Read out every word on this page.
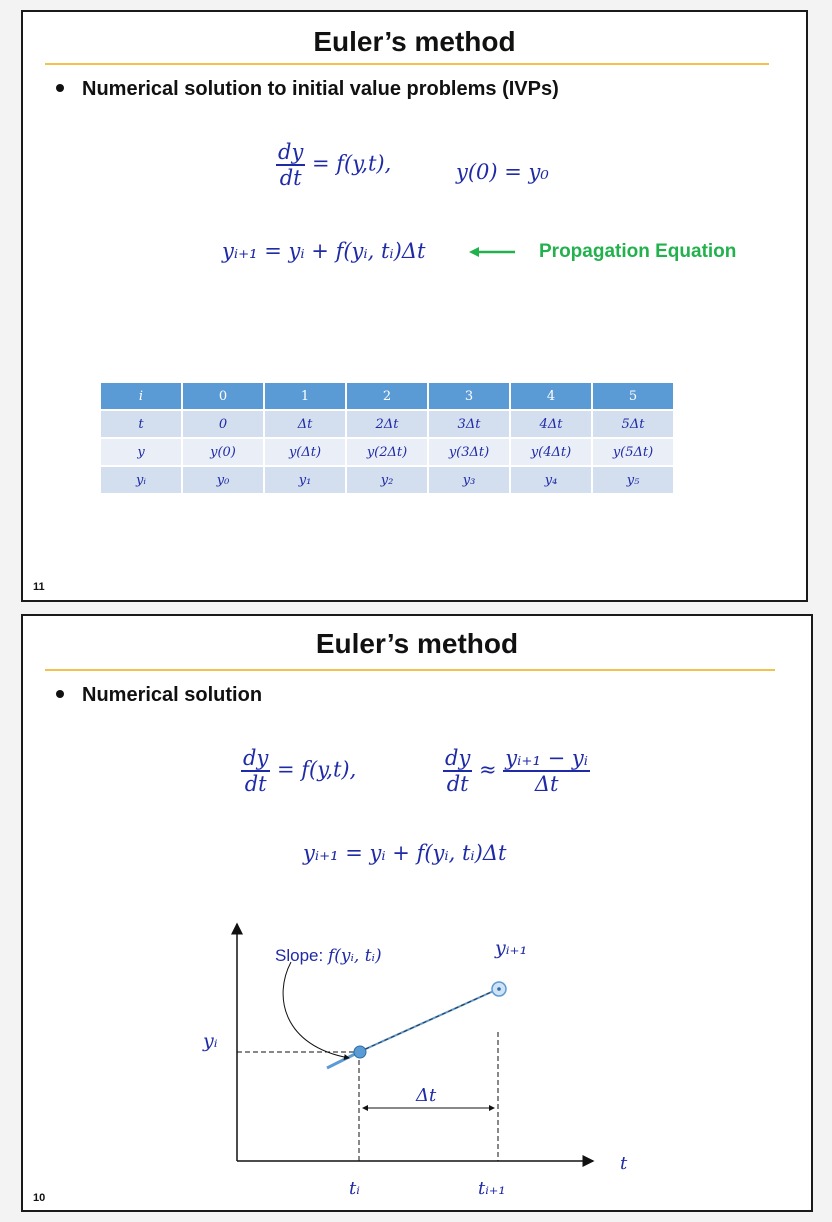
Euler’s method
Numerical solution to initial value problems (IVPs)
$\frac{dy}{dt} = f(y,t)$,	y(0) = y₀
yᵢ₊₁ = yᵢ + f(yᵢ, tᵢ)Δt	Propagation Equation
i	0	1	2	3	4	5
t	0	Δt	2Δt	3Δt	4Δt	5Δt
y	y(0)	y(Δt)	y(2Δt)	y(3Δt)	y(4Δt)	y(5Δt)
yᵢ	y₀	y₁	y₂	y₃	y₄	y₅
11
Euler’s method
Numerical solution
$\frac{dy}{dt} = f(y,t)$,	$\frac{dy}{dt} \approx \frac{\text{yᵢ₊₁ − yᵢ}}{\Delta t}$
yᵢ₊₁ = yᵢ + f(yᵢ, tᵢ)Δt
Slope: f(yᵢ, tᵢ)	yᵢ₊₁
yᵢ
Δt
t
tᵢ	tᵢ₊₁
10
